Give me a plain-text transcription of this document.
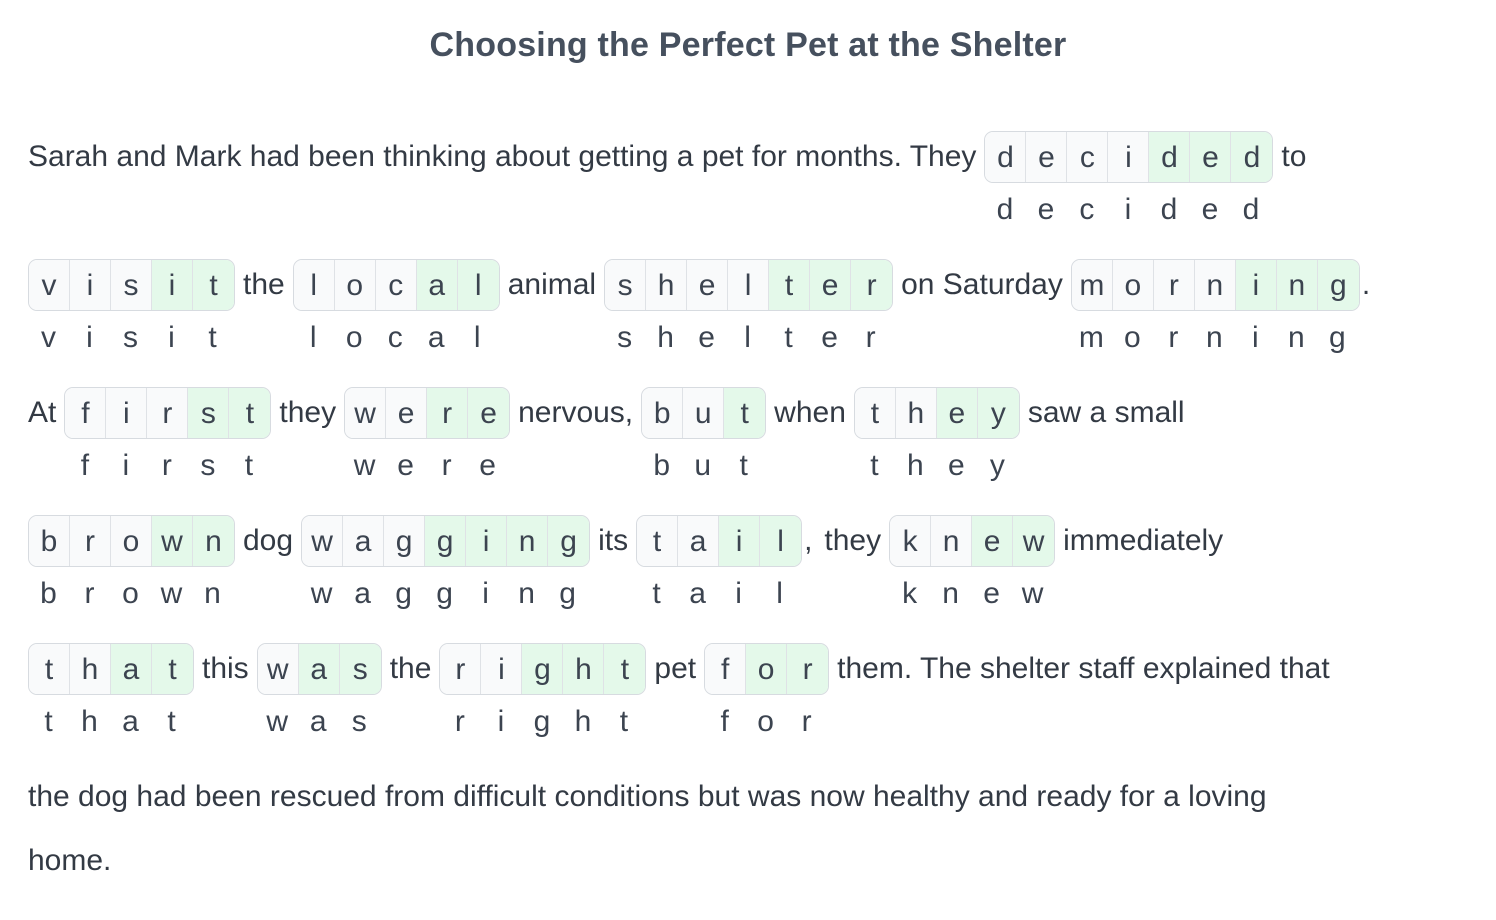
Choosing the Perfect Pet at the Shelter
Sarah and Mark had been thinking about getting a pet for months. They d e c	i d e d
d e c	i d e d
to
v	i	s	i	t
v	i	s	i	t
the l o c a l
l o c a l
animal s h e l	t e r
s h e l	t e r
on Saturday m o r n i n g
m o r n i n g
.
At f	i	r s t
f	i	r s t
they w e r e
w e r e
nervous, b u t
b u t
when t h e y
t h e y
saw a small
b r o w n
b r o w n
dog w a g g i n g
w a g g i n g
its t a i	l
t a i	l
, they k n e w
k n e w
immediately
t h a t
t h a t
this w a s
w a s
the r	i g h t
r	i g h t
pet f o r
f o r
them. The shelter staff explained that
the dog had been rescued from difficult conditions but was now healthy and ready for a loving
home.
